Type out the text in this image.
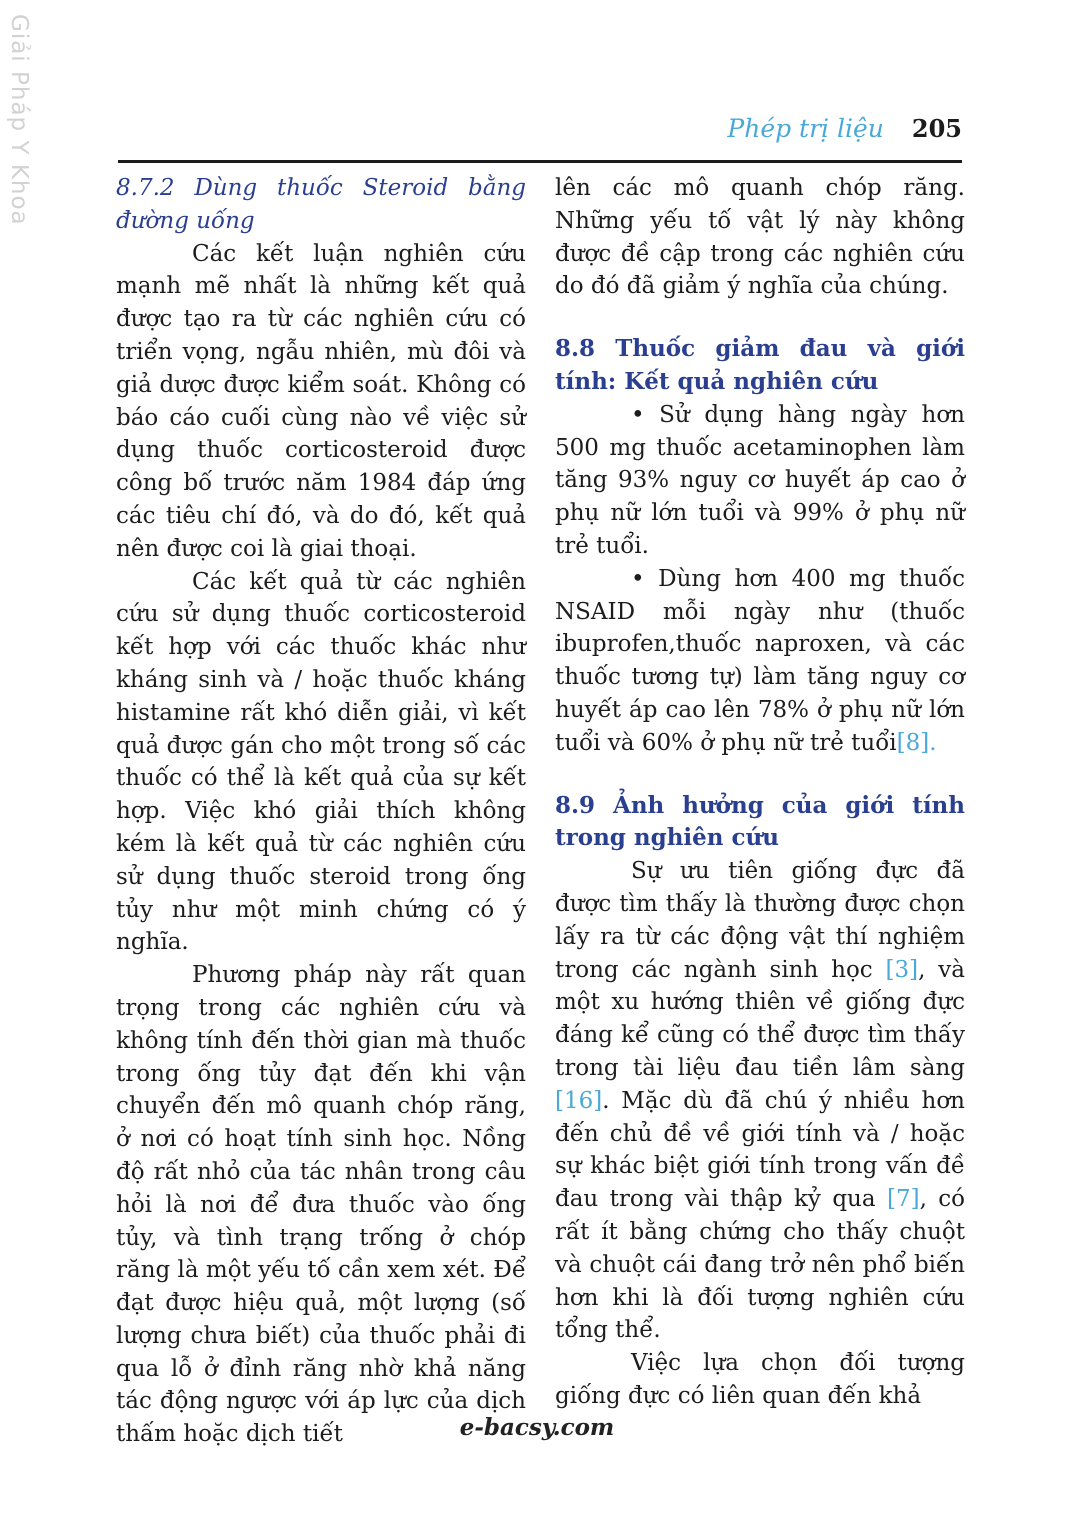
Giải Pháp Y Khoa	Phép trị liệu 205

8.7.2 Dùng thuốc Steroid bằng đường uống

Các kết luận nghiên cứu mạnh mẽ nhất là những kết quả được tạo ra từ các nghiên cứu có triển vọng, ngẫu nhiên, mù đôi và giả dược được kiểm soát. Không có báo cáo cuối cùng nào về việc sử dụng thuốc corticosteroid được công bố trước năm 1984 đáp ứng các tiêu chí đó, và do đó, kết quả nên được coi là giai thoại.

Các kết quả từ các nghiên cứu sử dụng thuốc corticosteroid kết hợp với các thuốc khác như kháng sinh và / hoặc thuốc kháng histamine rất khó diễn giải, vì kết quả được gán cho một trong số các thuốc có thể là kết quả của sự kết hợp. Việc khó giải thích không kém là kết quả từ các nghiên cứu sử dụng thuốc steroid trong ống tủy như một minh chứng có ý nghĩa.

Phương pháp này rất quan trọng trong các nghiên cứu và không tính đến thời gian mà thuốc trong ống tủy đạt đến khi vận chuyển đến mô quanh chóp răng, ở nơi có hoạt tính sinh học. Nồng độ rất nhỏ của tác nhân trong câu hỏi là nơi để đưa thuốc vào ống tủy, và tình trạng trống ở chóp răng là một yếu tố cần xem xét. Để đạt được hiệu quả, một lượng (số lượng chưa biết) của thuốc phải đi qua lỗ ở đỉnh răng nhờ khả năng tác động ngược với áp lực của dịch thấm hoặc dịch tiết

lên các mô quanh chóp răng. Những yếu tố vật lý này không được đề cập trong các nghiên cứu do đó đã giảm ý nghĩa của chúng.

8.8 Thuốc giảm đau và giới tính: Kết quả nghiên cứu

• Sử dụng hàng ngày hơn 500 mg thuốc acetaminophen làm tăng 93% nguy cơ huyết áp cao ở phụ nữ lớn tuổi và 99% ở phụ nữ trẻ tuổi.

• Dùng hơn 400 mg thuốc NSAID mỗi ngày như (thuốc ibuprofen,thuốc naproxen, và các thuốc tương tự) làm tăng nguy cơ huyết áp cao lên 78% ở phụ nữ lớn tuổi và 60% ở phụ nữ trẻ tuổi[8].

8.9 Ảnh hưởng của giới tính trong nghiên cứu

Sự ưu tiên giống đực đã được tìm thấy là thường được chọn lấy ra từ các động vật thí nghiệm trong các ngành sinh học [3], và một xu hướng thiên về giống đực đáng kể cũng có thể được tìm thấy trong tài liệu đau tiền lâm sàng [16]. Mặc dù đã chú ý nhiều hơn đến chủ đề về giới tính và / hoặc sự khác biệt giới tính trong vấn đề đau trong vài thập kỷ qua [7], có rất ít bằng chứng cho thấy chuột và chuột cái đang trở nên phổ biến hơn khi là đối tượng nghiên cứu tổng thể.

Việc lựa chọn đối tượng giống đực có liên quan đến khả

e-bacsy.com
